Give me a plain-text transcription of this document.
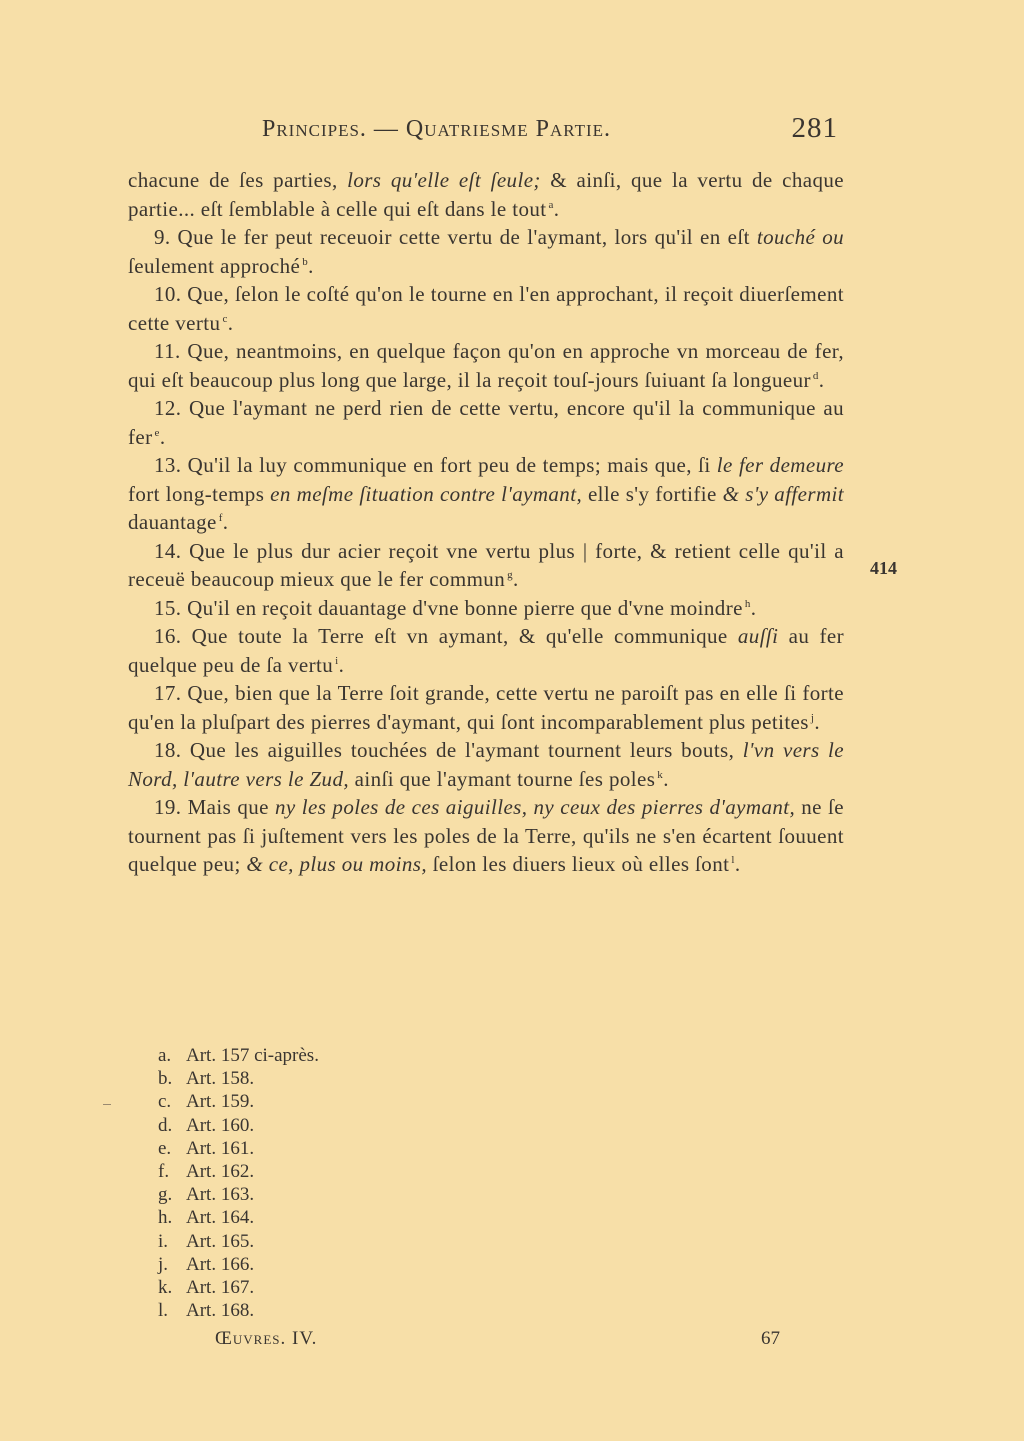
Principes. — Quatriesme Partie.	281

chacune de ſes parties, lors qu'elle eſt ſeule; & ainſi, que la vertu de chaque partie... eſt ſemblable à celle qui eſt dans le tout $^a$.

9. Que le fer peut receuoir cette vertu de l'aymant, lors qu'il en eſt touché ou ſeulement approché $^b$.

10. Que, ſelon le coſté qu'on le tourne en l'en approchant, il reçoit diuerſement cette vertu $^c$.

11. Que, neantmoins, en quelque façon qu'on en approche vn morceau de fer, qui eſt beaucoup plus long que large, il la reçoit touſ-jours ſuiuant ſa longueur $^d$.

12. Que l'aymant ne perd rien de cette vertu, encore qu'il la communique au fer $^e$.

13. Qu'il la luy communique en fort peu de temps; mais que, ſi le fer demeure fort long-temps en meſme ſituation contre l'aymant, elle s'y fortifie & s'y affermit dauantage $^f$.

14. Que le plus dur acier reçoit vne vertu plus | forte, & retient celle qu'il a receuë beaucoup mieux que le fer commun $^g$.

15. Qu'il en reçoit dauantage d'vne bonne pierre que d'vne moindre $^h$.

16. Que toute la Terre eſt vn aymant, & qu'elle communique auſſi au fer quelque peu de ſa vertu $^i$.

17. Que, bien que la Terre ſoit grande, cette vertu ne paroiſt pas en elle ſi forte qu'en la pluſpart des pierres d'aymant, qui ſont incomparablement plus petites $^j$.

18. Que les aiguilles touchées de l'aymant tournent leurs bouts, l'vn vers le Nord, l'autre vers le Zud, ainſi que l'aymant tourne ſes poles $^k$.

19. Mais que ny les poles de ces aiguilles, ny ceux des pierres d'aymant, ne ſe tournent pas ſi juſtement vers les poles de la Terre, qu'ils ne s'en écartent ſouuent quelque peu; & ce, plus ou moins, ſelon les diuers lieux où elles ſont $^l$.

414
a. Art. 157 ci-après.
b. Art. 158.
c. Art. 159.
d. Art. 160.
e. Art. 161.
f. Art. 162.
g. Art. 163.
h. Art. 164.
i. Art. 165.
j. Art. 166.
k. Art. 167.
l. Art. 168.
Œuvres. IV.	67
